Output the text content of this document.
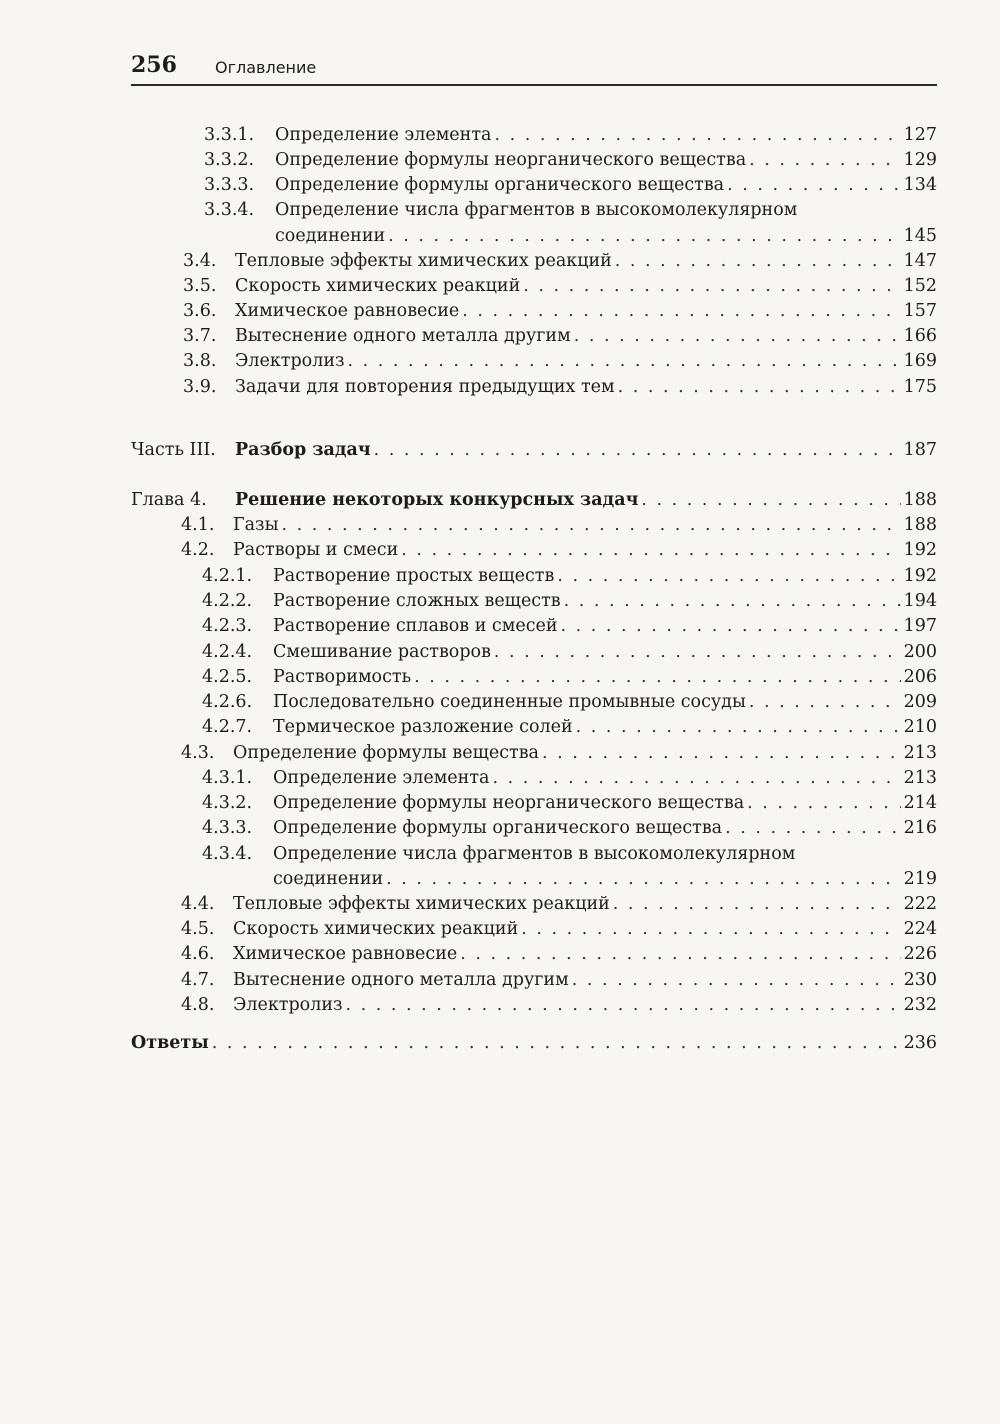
256 Оглавление
3.3.1.	Определение элемента . . .	127
3.3.2.	Определение формулы неорганического вещества . . .	129
3.3.3.	Определение формулы органического вещества . . .	134
3.3.4.	Определение числа фрагментов в высокомолекулярном
соединении . . .	145
3.4.	Тепловые эффекты химических реакций . . .	147
3.5.	Скорость химических реакций . . .	152
3.6.	Химическое равновесие . . .	157
3.7.	Вытеснение одного металла другим . . .	166
3.8.	Электролиз . . .	169
3.9.	Задачи для повторения предыдущих тем . . .	175
Часть III.	Разбор задач . . .	187
Глава 4.	Решение некоторых конкурсных задач . . .	188
4.1.	Газы . . .	188
4.2.	Растворы и смеси . . .	192
4.2.1.	Растворение простых веществ . . .	192
4.2.2.	Растворение сложных веществ . . .	194
4.2.3.	Растворение сплавов и смесей . . .	197
4.2.4.	Смешивание растворов . . .	200
4.2.5.	Растворимость . . .	206
4.2.6.	Последовательно соединенные промывные сосуды . . .	209
4.2.7.	Термическое разложение солей . . .	210
4.3.	Определение формулы вещества . . .	213
4.3.1.	Определение элемента . . .	213
4.3.2.	Определение формулы неорганического вещества . . .	214
4.3.3.	Определение формулы органического вещества . . .	216
4.3.4.	Определение числа фрагментов в высокомолекулярном
соединении . . .	219
4.4.	Тепловые эффекты химических реакций . . .	222
4.5.	Скорость химических реакций . . .	224
4.6.	Химическое равновесие . . .	226
4.7.	Вытеснение одного металла другим . . .	230
4.8.	Электролиз . . .	232
Ответы . . .	236
